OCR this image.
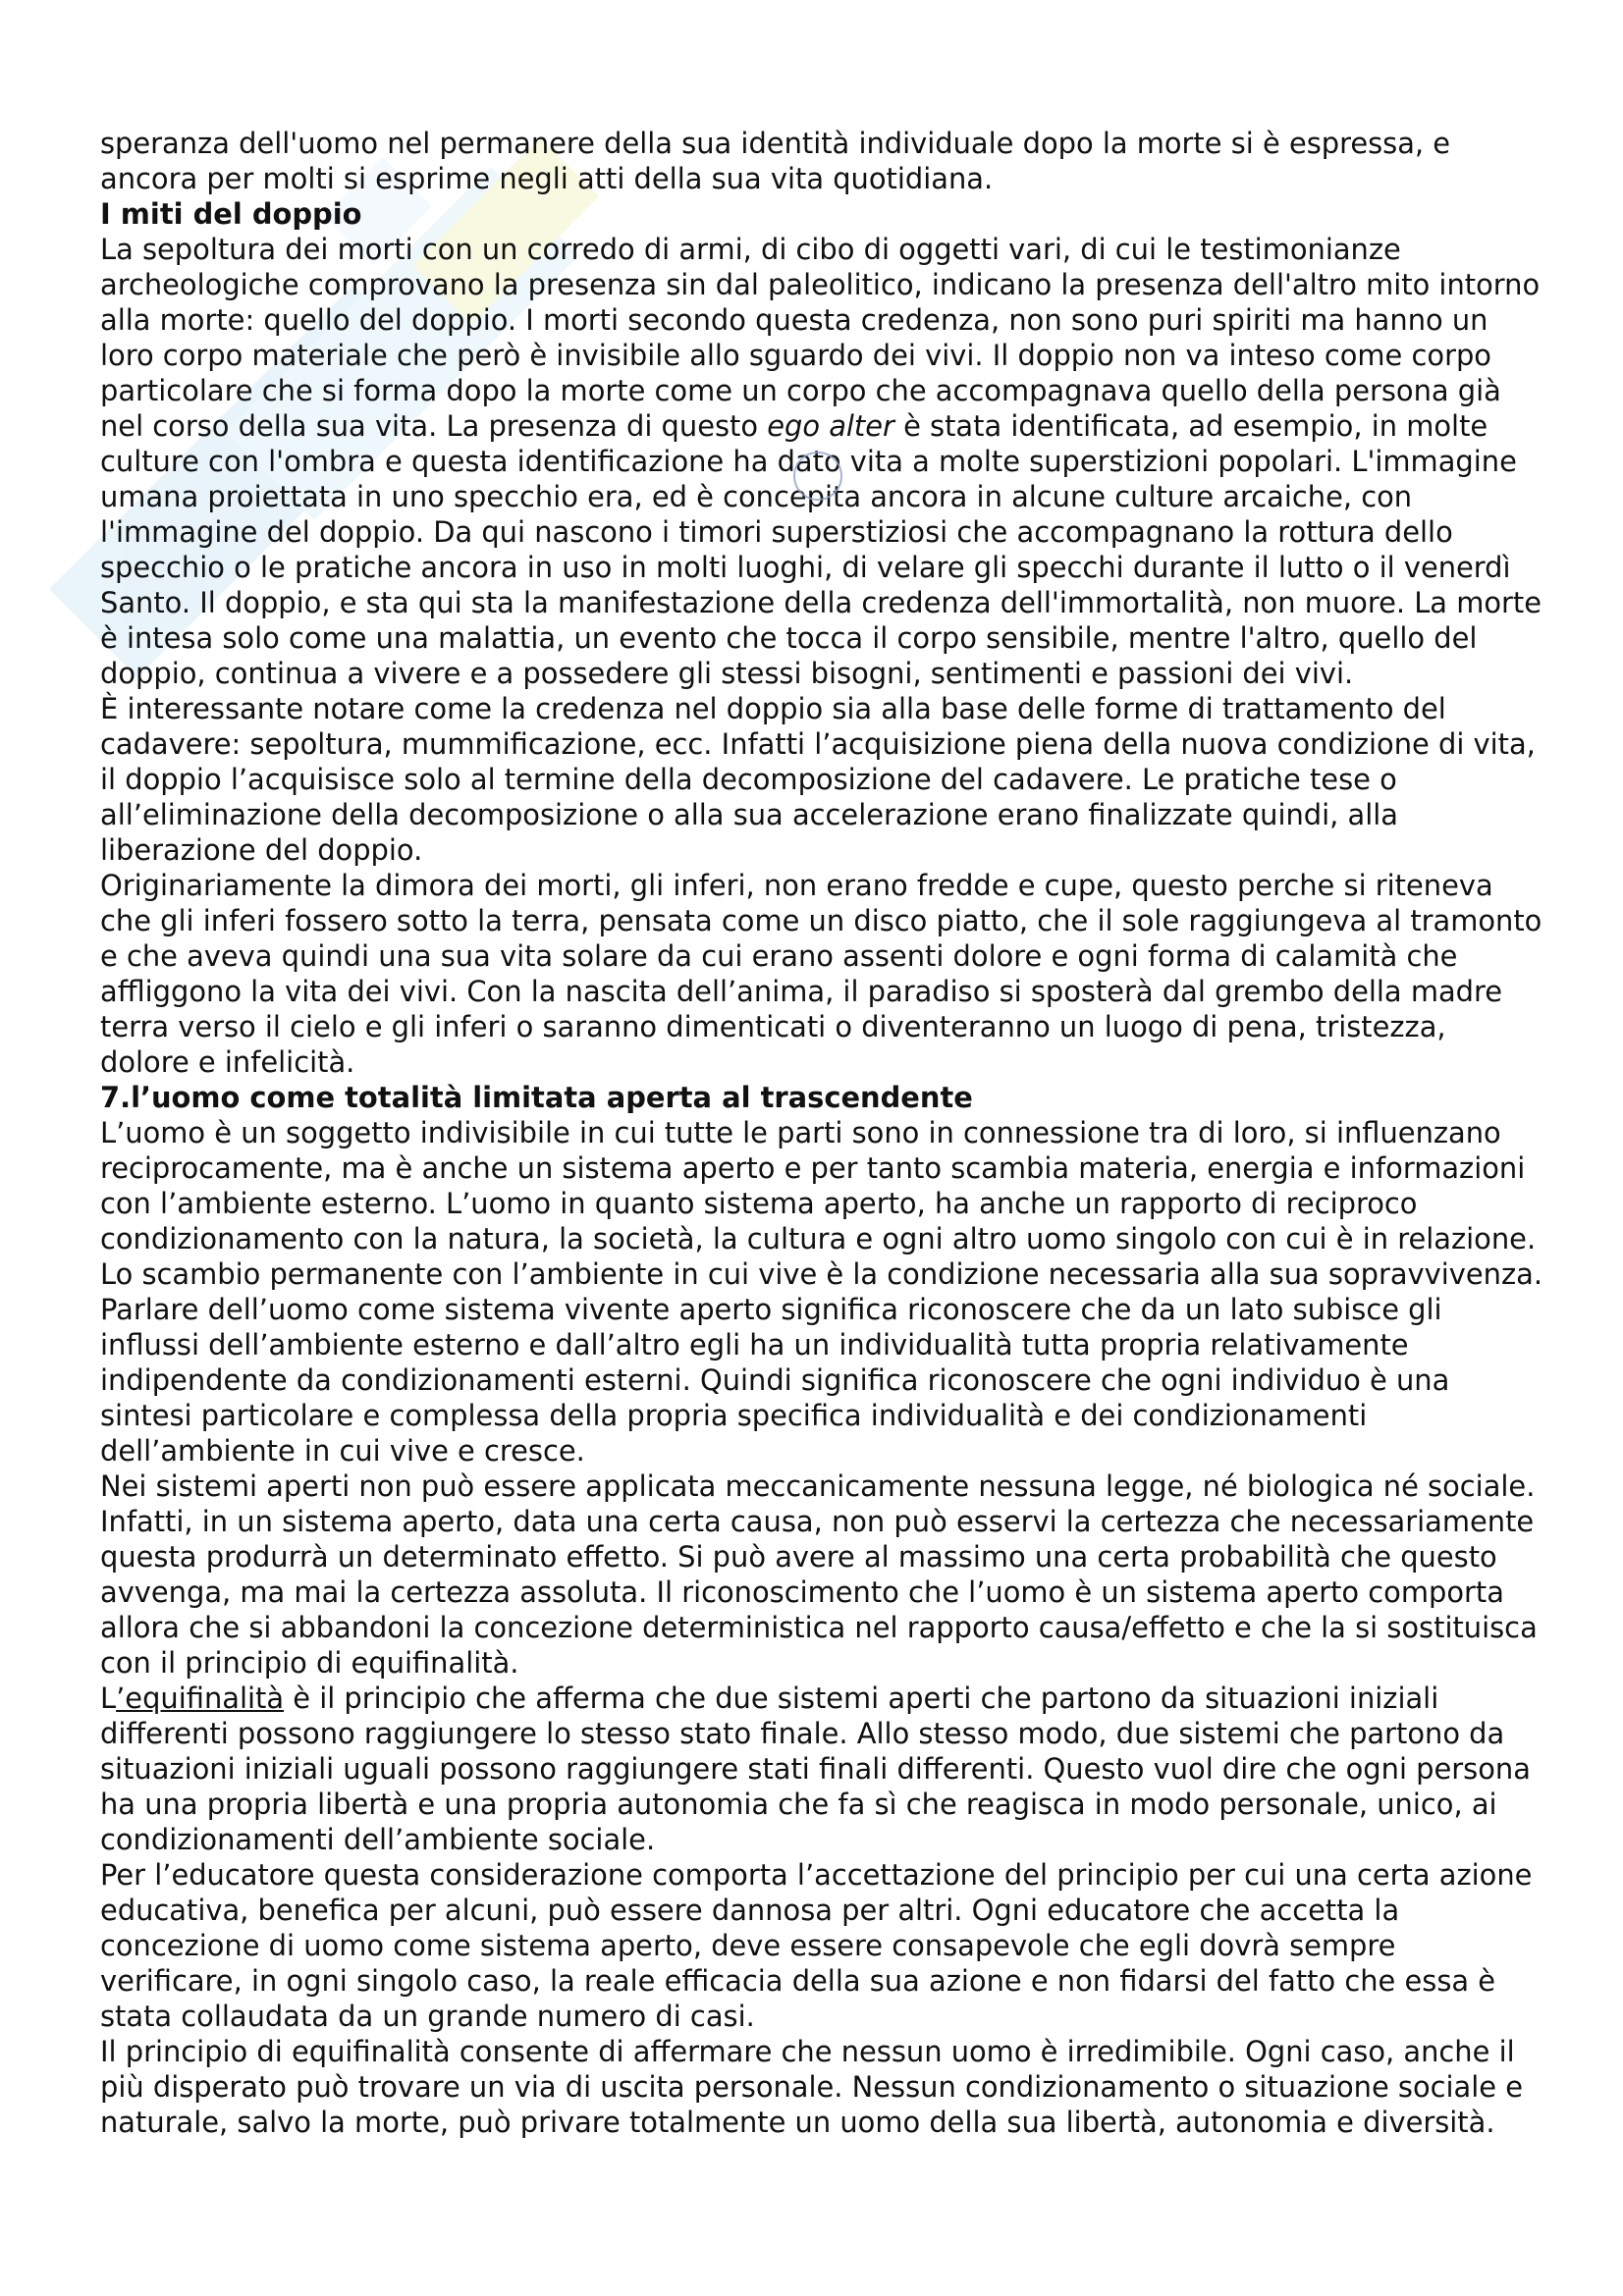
speranza dell'uomo nel permanere della sua identità individuale dopo la morte si è espressa, e ancora per molti si esprime negli atti della sua vita quotidiana.

I miti del doppio

La sepoltura dei morti con un corredo di armi, di cibo di oggetti vari, di cui le testimonianze archeologiche comprovano la presenza sin dal paleolitico, indicano la presenza dell'altro mito intorno alla morte: quello del doppio. I morti secondo questa credenza, non sono puri spiriti ma hanno un loro corpo materiale che però è invisibile allo sguardo dei vivi. Il doppio non va inteso come corpo particolare che si forma dopo la morte come un corpo che accompagnava quello della persona già nel corso della sua vita. La presenza di questo ego alter è stata identificata, ad esempio, in molte culture con l'ombra e questa identificazione ha dato vita a molte superstizioni popolari. L'immagine umana proiettata in uno specchio era, ed è concepita ancora in alcune culture arcaiche, con l'immagine del doppio. Da qui nascono i timori superstiziosi che accompagnano la rottura dello specchio o le pratiche ancora in uso in molti luoghi, di velare gli specchi durante il lutto o il venerdì Santo. Il doppio, e sta qui sta la manifestazione della credenza dell'immortalità, non muore. La morte è intesa solo come una malattia, un evento che tocca il corpo sensibile, mentre l'altro, quello del doppio, continua a vivere e a possedere gli stessi bisogni, sentimenti e passioni dei vivi.

È interessante notare come la credenza nel doppio sia alla base delle forme di trattamento del cadavere: sepoltura, mummificazione, ecc. Infatti l’acquisizione piena della nuova condizione di vita, il doppio l’acquisisce solo al termine della decomposizione del cadavere. Le pratiche tese o all’eliminazione della decomposizione o alla sua accelerazione erano finalizzate quindi, alla liberazione del doppio.

Originariamente la dimora dei morti, gli inferi, non erano fredde e cupe, questo perche si riteneva che gli inferi fossero sotto la terra, pensata come un disco piatto, che il sole raggiungeva al tramonto e che aveva quindi una sua vita solare da cui erano assenti dolore e ogni forma di calamità che affliggono la vita dei vivi. Con la nascita dell’anima, il paradiso si sposterà dal grembo della madre terra verso il cielo e gli inferi o saranno dimenticati o diventeranno un luogo di pena, tristezza, dolore e infelicità.

7.l’uomo come totalità limitata aperta al trascendente

L’uomo è un soggetto indivisibile in cui tutte le parti sono in connessione tra di loro, si influenzano reciprocamente, ma è anche un sistema aperto e per tanto scambia materia, energia e informazioni con l’ambiente esterno. L’uomo in quanto sistema aperto, ha anche un rapporto di reciproco condizionamento con la natura, la società, la cultura e ogni altro uomo singolo con cui è in relazione. Lo scambio permanente con l’ambiente in cui vive è la condizione necessaria alla sua sopravvivenza. Parlare dell’uomo come sistema vivente aperto significa riconoscere che da un lato subisce gli influssi dell’ambiente esterno e dall’altro egli ha un individualità tutta propria relativamente indipendente da condizionamenti esterni. Quindi significa riconoscere che ogni individuo è una sintesi particolare e complessa della propria specifica individualità e dei condizionamenti dell’ambiente in cui vive e cresce.

Nei sistemi aperti non può essere applicata meccanicamente nessuna legge, né biologica né sociale. Infatti, in un sistema aperto, data una certa causa, non può esservi la certezza che necessariamente questa produrrà un determinato effetto. Si può avere al massimo una certa probabilità che questo avvenga, ma mai la certezza assoluta. Il riconoscimento che l’uomo è un sistema aperto comporta allora che si abbandoni la concezione deterministica nel rapporto causa/effetto e che la si sostituisca con il principio di equifinalità.

L’equifinalità è il principio che afferma che due sistemi aperti che partono da situazioni iniziali differenti possono raggiungere lo stesso stato finale. Allo stesso modo, due sistemi che partono da situazioni iniziali uguali possono raggiungere stati finali differenti. Questo vuol dire che ogni persona ha una propria libertà e una propria autonomia che fa sì che reagisca in modo personale, unico, ai condizionamenti dell’ambiente sociale.

Per l’educatore questa considerazione comporta l’accettazione del principio per cui una certa azione educativa, benefica per alcuni, può essere dannosa per altri. Ogni educatore che accetta la concezione di uomo come sistema aperto, deve essere consapevole che egli dovrà sempre verificare, in ogni singolo caso, la reale efficacia della sua azione e non fidarsi del fatto che essa è stata collaudata da un grande numero di casi.

Il principio di equifinalità consente di affermare che nessun uomo è irredimibile. Ogni caso, anche il più disperato può trovare un via di uscita personale. Nessun condizionamento o situazione sociale e naturale, salvo la morte, può privare totalmente un uomo della sua libertà, autonomia e diversità.
